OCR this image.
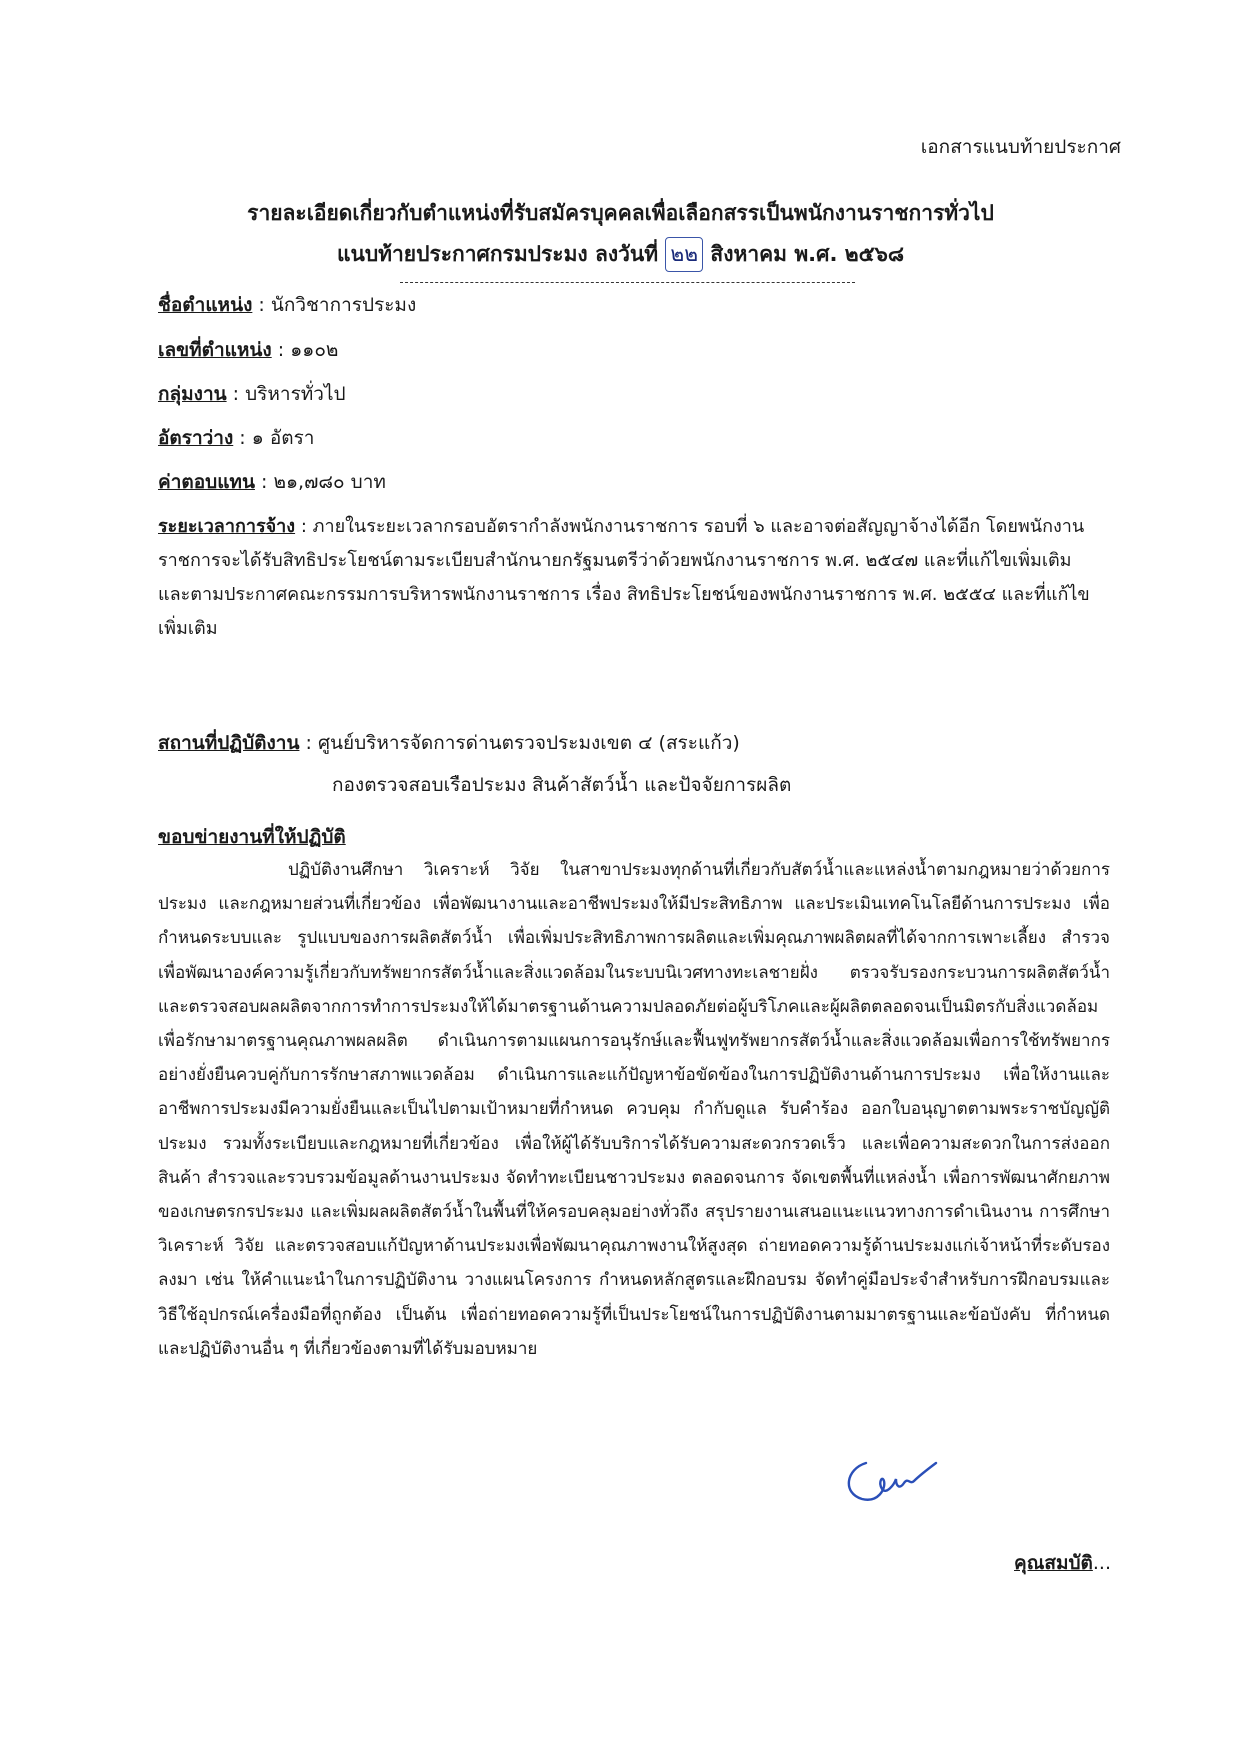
เอกสารแนบท้ายประกาศ
รายละเอียดเกี่ยวกับตำแหน่งที่รับสมัครบุคคลเพื่อเลือกสรรเป็นพนักงานราชการทั่วไป
แนบท้ายประกาศกรมประมง ลงวันที่ ๒๒ สิงหาคม พ.ศ. ๒๕๖๘
ชื่อตำแหน่ง : นักวิชาการประมง
เลขที่ตำแหน่ง : ๑๑๐๒
กลุ่มงาน : บริหารทั่วไป
อัตราว่าง : ๑ อัตรา
ค่าตอบแทน : ๒๑,๗๘๐ บาท
ระยะเวลาการจ้าง : ภายในระยะเวลากรอบอัตรากำลังพนักงานราชการ รอบที่ ๖ และอาจต่อสัญญาจ้างได้อีก โดยพนักงานราชการจะได้รับสิทธิประโยชน์ตามระเบียบสำนักนายกรัฐมนตรีว่าด้วยพนักงานราชการ พ.ศ. ๒๕๔๗ และที่แก้ไขเพิ่มเติม และตามประกาศคณะกรรมการบริหารพนักงานราชการ เรื่อง สิทธิประโยชน์ของพนักงานราชการ พ.ศ. ๒๕๕๔ และที่แก้ไขเพิ่มเติม
สถานที่ปฏิบัติงาน : ศูนย์บริหารจัดการด่านตรวจประมงเขต ๔ (สระแก้ว)
กองตรวจสอบเรือประมง สินค้าสัตว์น้ำ และปัจจัยการผลิต
ขอบข่ายงานที่ให้ปฏิบัติ
ปฏิบัติงานศึกษา วิเคราะห์ วิจัย ในสาขาประมงทุกด้านที่เกี่ยวกับสัตว์น้ำและแหล่งน้ำตามกฎหมายว่าด้วยการประมง และกฎหมายส่วนที่เกี่ยวข้อง เพื่อพัฒนางานและอาชีพประมงให้มีประสิทธิภาพ และประเมินเทคโนโลยีด้านการประมง เพื่อกำหนดระบบและ รูปแบบของการผลิตสัตว์น้ำ เพื่อเพิ่มประสิทธิภาพการผลิตและเพิ่มคุณภาพผลิตผลที่ได้จากการเพาะเลี้ยง สำรวจ เพื่อพัฒนาองค์ความรู้เกี่ยวกับทรัพยากรสัตว์น้ำและสิ่งแวดล้อมในระบบนิเวศทางทะเลชายฝั่ง ตรวจรับรองกระบวนการผลิตสัตว์น้ำและตรวจสอบผลผลิตจากการทำการประมงให้ได้มาตรฐานด้านความปลอดภัยต่อผู้บริโภคและผู้ผลิตตลอดจนเป็นมิตรกับสิ่งแวดล้อม เพื่อรักษามาตรฐานคุณภาพผลผลิต ดำเนินการตามแผนการอนุรักษ์และฟื้นฟูทรัพยากรสัตว์น้ำและสิ่งแวดล้อมเพื่อการใช้ทรัพยากรอย่างยั่งยืนควบคู่กับการรักษาสภาพแวดล้อม ดำเนินการและแก้ปัญหาข้อขัดข้องในการปฏิบัติงานด้านการประมง เพื่อให้งานและอาชีพการประมงมีความยั่งยืนและเป็นไปตามเป้าหมายที่กำหนด ควบคุม กำกับดูแล รับคำร้อง ออกใบอนุญาตตามพระราชบัญญัติประมง รวมทั้งระเบียบและกฎหมายที่เกี่ยวข้อง เพื่อให้ผู้ได้รับบริการได้รับความสะดวกรวดเร็ว และเพื่อความสะดวกในการส่งออกสินค้า สำรวจและรวบรวมข้อมูลด้านงานประมง จัดทำทะเบียนชาวประมง ตลอดจนการ จัดเขตพื้นที่แหล่งน้ำ เพื่อการพัฒนาศักยภาพของเกษตรกรประมง และเพิ่มผลผลิตสัตว์น้ำในพื้นที่ให้ครอบคลุมอย่างทั่วถึง สรุปรายงานเสนอแนะแนวทางการดำเนินงาน การศึกษาวิเคราะห์ วิจัย และตรวจสอบแก้ปัญหาด้านประมงเพื่อพัฒนาคุณภาพงานให้สูงสุด ถ่ายทอดความรู้ด้านประมงแก่เจ้าหน้าที่ระดับรองลงมา เช่น ให้คำแนะนำในการปฏิบัติงาน วางแผนโครงการ กำหนดหลักสูตรและฝึกอบรม จัดทำคู่มือประจำสำหรับการฝึกอบรมและวิธีใช้อุปกรณ์เครื่องมือที่ถูกต้อง เป็นต้น เพื่อถ่ายทอดความรู้ที่เป็นประโยชน์ในการปฏิบัติงานตามมาตรฐานและข้อบังคับ ที่กำหนด และปฏิบัติงานอื่น ๆ ที่เกี่ยวข้องตามที่ได้รับมอบหมาย
คุณสมบัติ...
